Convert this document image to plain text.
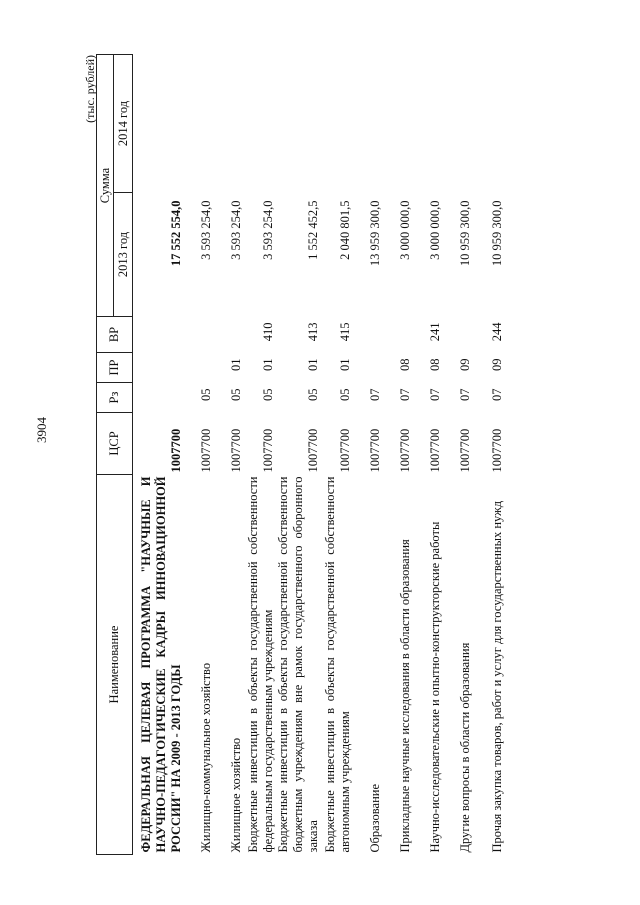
3904
(тыс. рублей)
Наименование	ЦСР	Рз	ПР	ВР	Сумма	
					2013 год	2014 год
ФЕДЕРАЛЬНАЯ ЦЕЛЕВАЯ ПРОГРАММА "НАУЧНЫЕ И НАУЧНО-ПЕДАГОГИЧЕСКИЕ КАДРЫ ИННОВАЦИОННОЙ РОССИИ" НА 2009 - 2013 ГОДЫ	1007700				17 552 554,0	
Жилищно-коммунальное хозяйство	1007700	05			3 593 254,0	
Жилищное хозяйство	1007700	05	01		3 593 254,0	
Бюджетные инвестиции в объекты государственной собственности федеральным государственным учреждениям	1007700	05	01	410	3 593 254,0	
Бюджетные инвестиции в объекты государственной собственности бюджетным учреждениям вне рамок государственного оборонного заказа	1007700	05	01	413	1 552 452,5	
Бюджетные инвестиции в объекты государственной собственности автономным учреждениям	1007700	05	01	415	2 040 801,5	
Образование	1007700	07			13 959 300,0	
Прикладные научные исследования в области образования	1007700	07	08		3 000 000,0	
Научно-исследовательские и опытно-конструкторские работы	1007700	07	08	241	3 000 000,0	
Другие вопросы в области образования	1007700	07	09		10 959 300,0	
Прочая закупка товаров, работ и услуг для государственных нужд	1007700	07	09	244	10 959 300,0	
